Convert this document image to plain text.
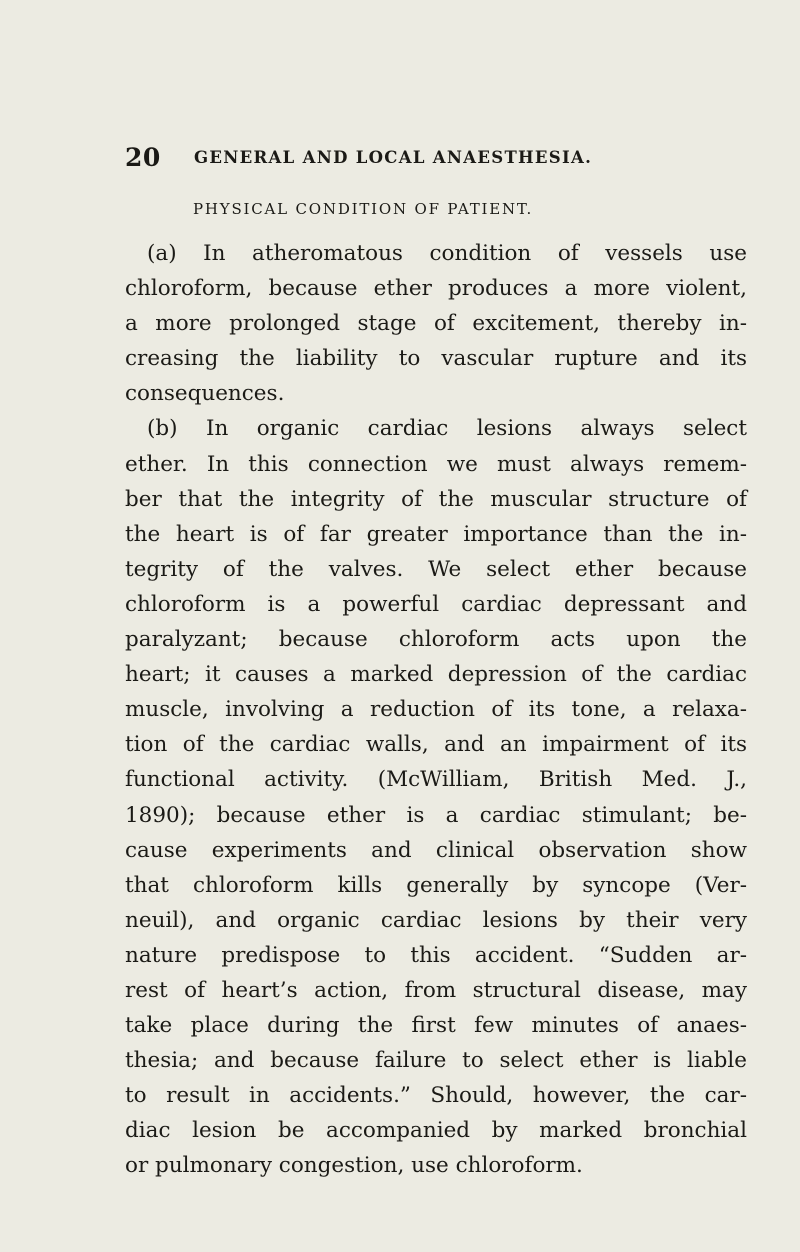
20 GENERAL AND LOCAL ANAESTHESIA.
PHYSICAL CONDITION OF PATIENT.
(a) In atheromatous condition of vessels use
chloroform, because ether produces a more violent,
a more prolonged stage of excitement, thereby in-
creasing the liability to vascular rupture and its
consequences.
(b) In organic cardiac lesions always select
ether. In this connection we must always remem-
ber that the integrity of the muscular structure of
the heart is of far greater importance than the in-
tegrity of the valves. We select ether because
chloroform is a powerful cardiac depressant and
paralyzant; because chloroform acts upon the
heart; it causes a marked depression of the cardiac
muscle, involving a reduction of its tone, a relaxa-
tion of the cardiac walls, and an impairment of its
functional activity. (McWilliam, British Med. J.,
1890); because ether is a cardiac stimulant; be-
cause experiments and clinical observation show
that chloroform kills generally by syncope (Ver-
neuil), and organic cardiac lesions by their very
nature predispose to this accident. “Sudden ar-
rest of heart’s action, from structural disease, may
take place during the first few minutes of anaes-
thesia; and because failure to select ether is liable
to result in accidents.” Should, however, the car-
diac lesion be accompanied by marked bronchial
or pulmonary congestion, use chloroform.
